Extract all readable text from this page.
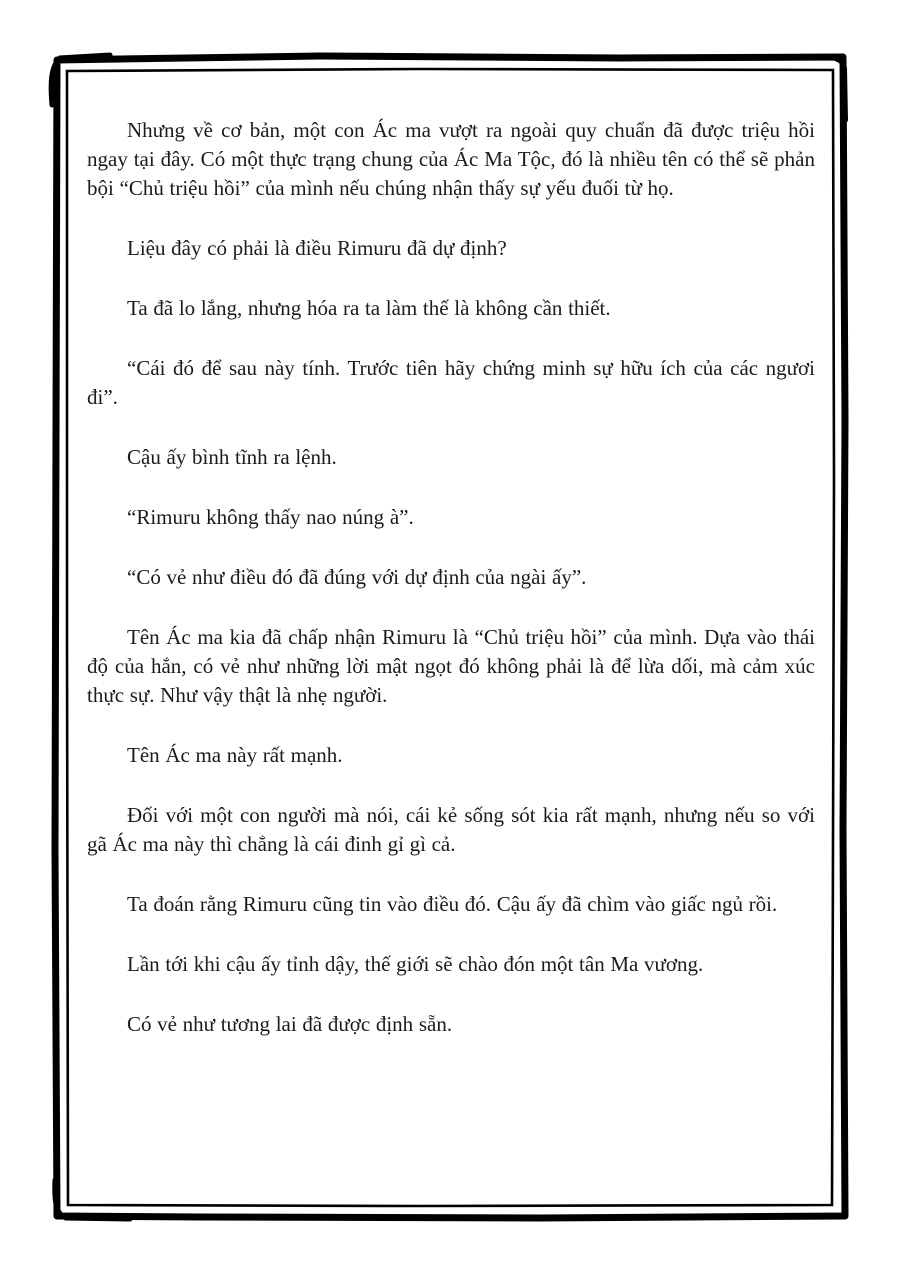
Nhưng về cơ bản, một con Ác ma vượt ra ngoài quy chuẩn đã được triệu hồi ngay tại đây. Có một thực trạng chung của Ác Ma Tộc, đó là nhiều tên có thể sẽ phản bội “Chủ triệu hồi” của mình nếu chúng nhận thấy sự yếu đuối từ họ.

Liệu đây có phải là điều Rimuru đã dự định?

Ta đã lo lắng, nhưng hóa ra ta làm thế là không cần thiết.

“Cái đó để sau này tính. Trước tiên hãy chứng minh sự hữu ích của các ngươi đi”.

Cậu ấy bình tĩnh ra lệnh.

“Rimuru không thấy nao núng à”.

“Có vẻ như điều đó đã đúng với dự định của ngài ấy”.

Tên Ác ma kia đã chấp nhận Rimuru là “Chủ triệu hồi” của mình. Dựa vào thái độ của hắn, có vẻ như những lời mật ngọt đó không phải là để lừa dối, mà cảm xúc thực sự. Như vậy thật là nhẹ người.

Tên Ác ma này rất mạnh.

Đối với một con người mà nói, cái kẻ sống sót kia rất mạnh, nhưng nếu so với gã Ác ma này thì chẳng là cái đinh gỉ gì cả.

Ta đoán rằng Rimuru cũng tin vào điều đó. Cậu ấy đã chìm vào giấc ngủ rồi.

Lần tới khi cậu ấy tỉnh dậy, thế giới sẽ chào đón một tân Ma vương.

Có vẻ như tương lai đã được định sẵn.
